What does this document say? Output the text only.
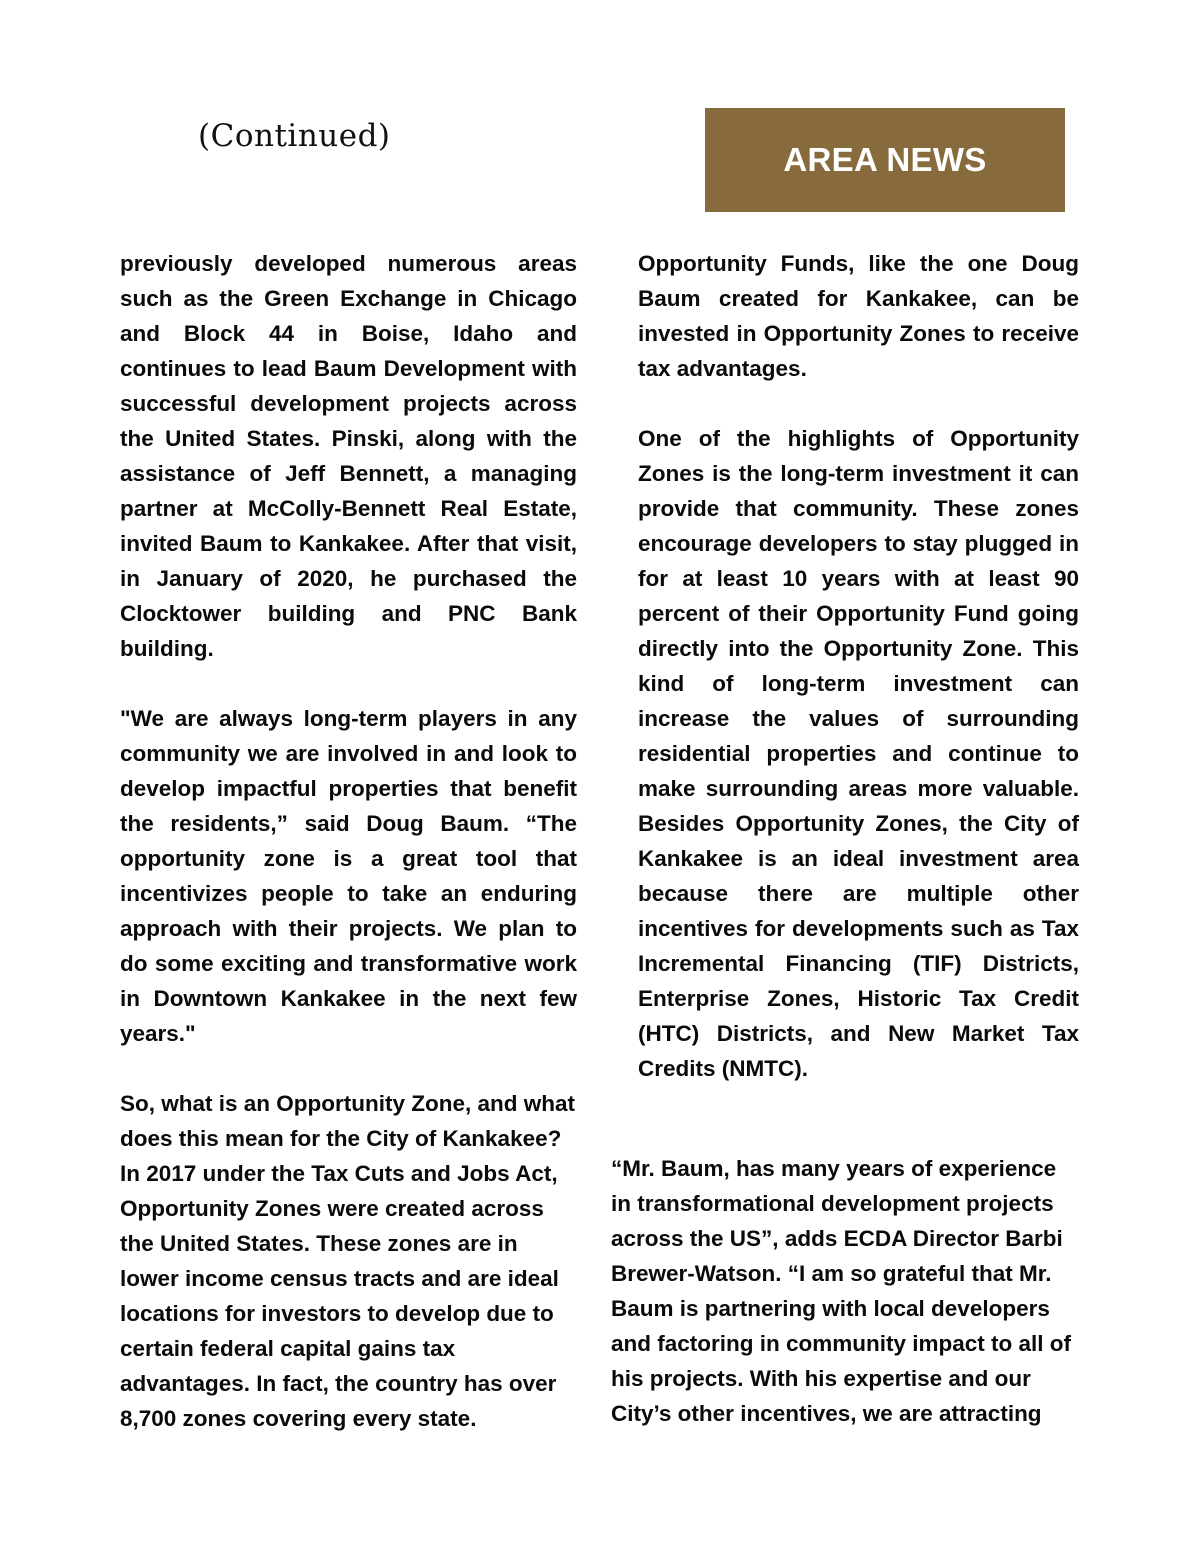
(Continued)
AREA NEWS

previously developed numerous areas such as the Green Exchange in Chicago and Block 44 in Boise, Idaho and continues to lead Baum Development with successful development projects across the United States. Pinski, along with the assistance of Jeff Bennett, a managing partner at McColly-Bennett Real Estate, invited Baum to Kankakee. After that visit, in January of 2020, he purchased the Clocktower building and PNC Bank building.

"We are always long-term players in any community we are involved in and look to develop impactful properties that benefit the residents,” said Doug Baum. “The opportunity zone is a great tool that incentivizes people to take an enduring approach with their projects. We plan to do some exciting and transformative work in Downtown Kankakee in the next few years."

So, what is an Opportunity Zone, and what does this mean for the City of Kankakee? In 2017 under the Tax Cuts and Jobs Act, Opportunity Zones were created across the United States. These zones are in lower income census tracts and are ideal locations for investors to develop due to certain federal capital gains tax advantages. In fact, the country has over 8,700 zones covering every state.

Opportunity Funds, like the one Doug Baum created for Kankakee, can be invested in Opportunity Zones to receive tax advantages.

One of the highlights of Opportunity Zones is the long-term investment it can provide that community. These zones encourage developers to stay plugged in for at least 10 years with at least 90 percent of their Opportunity Fund going directly into the Opportunity Zone. This kind of long-term investment can increase the values of surrounding residential properties and continue to make surrounding areas more valuable. Besides Opportunity Zones, the City of Kankakee is an ideal investment area because there are multiple other incentives for developments such as Tax Incremental Financing (TIF) Districts, Enterprise Zones, Historic Tax Credit (HTC) Districts, and New Market Tax Credits (NMTC).

“Mr. Baum, has many years of experience in transformational development projects across the US”, adds ECDA Director Barbi Brewer-Watson. “I am so grateful that Mr. Baum is partnering with local developers and factoring in community impact to all of his projects. With his expertise and our City’s other incentives, we are attracting
